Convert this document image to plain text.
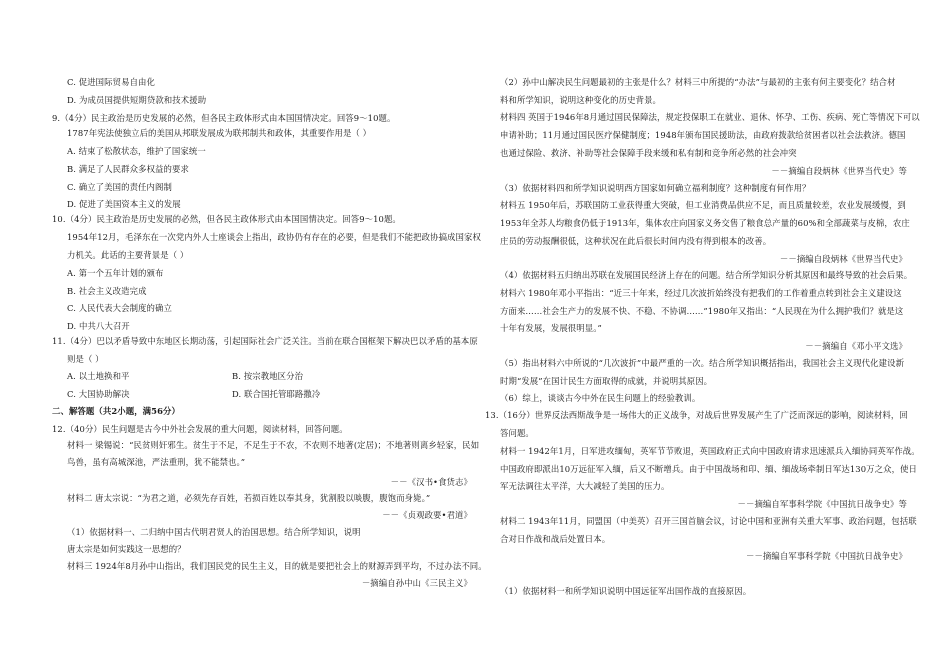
C. 促进国际贸易自由化
D. 为成员国提供短期贷款和技术援助
9.（4分）民主政治是历史发展的必然，但各民主政体形式由本国国情决定。回答9～10题。
1787年宪法使独立后的美国从邦联发展成为联邦制共和政体，其重要作用是（ ）
A. 结束了松散状态，维护了国家统一
B. 满足了人民群众多权益的要求
C. 确立了美国的责任内阁制
D. 促进了美国资本主义的发展
10.（4分）民主政治是历史发展的必然，但各民主政体形式由本国国情决定。回答9～10题。
1954年12月，毛泽东在一次党内外人士座谈会上指出，政协仍有存在的必要，但是我们不能把政协搞成国家权
力机关。此话的主要背景是（ ）
A. 第一个五年计划的颁布
B. 社会主义改造完成
C. 人民代表大会制度的确立
D. 中共八大召开
11.（4分）巴以矛盾导致中东地区长期动荡，引起国际社会广泛关注。当前在联合国框架下解决巴以矛盾的基本原
则是（ ）
A. 以土地换和平	B. 按宗教地区分治
C. 大国协助解决	D. 联合国托管耶路撒冷
二、解答题（共2小题，满56分）
12.（40分）民生问题是古今中外社会发展的重大问题，阅读材料，回答问题。
材料一 梁锡说：“民贫则奸邪生。贫生于不足，不足生于不农，不农则不地著(定居)；不地著则离乡轻家，民如
鸟兽，虽有高城深池，严法重刑，犹不能禁也。”
－－《汉书•食货志》
材料二 唐太宗说：“为君之道，必须先存百姓，若损百姓以奉其身，犹割股以啖腹，腹饱而身毙。”
－－《贞观政要•君道》
（1）依据材料一、二归纳中国古代明君贤人的治国思想。结合所学知识，说明
唐太宗是如何实践这一思想的？
材料三 1924年8月孙中山指出，我们国民党的民生主义，目的就是要把社会上的财源弄到平均，不过办法不同。
－摘编自孙中山《三民主义》
（2）孙中山解决民生问题最初的主张是什么？材料三中所提的“办法”与最初的主张有何主要变化？结合材
料和所学知识，说明这种变化的历史背景。
材料四 英国于1946年8月通过国民保障法，规定投保职工在就业、退休、怀孕、工伤、疾病、死亡等情况下可以
申请补助；11月通过国民医疗保健制度；1948年颁布国民援助法，由政府拨款给贫困者以社会法救济。德国
也通过保险、救济、补助等社会保障手段来缓和私有制和竞争所必然的社会冲突
－－摘编自段炳林《世界当代史》等
（3）依据材料四和所学知识说明西方国家如何确立福利制度？这种制度有何作用？
材料五 1950年后，苏联国防工业获得重大突破，但工业消费品供应不足，而且质量较差，农业发展缓慢，到
1953年全苏人均粮食仍低于1913年，集体农庄向国家义务交售了粮食总产量的60%和全部蔬菜与皮棉，农庄
庄员的劳动报酬很低，这种状况在此后很长时间内没有得到根本的改善。
－－摘编自段炳林《世界当代史》
（4）依据材料五归纳出苏联在发展国民经济上存在的问题。结合所学知识分析其原因和最终导致的社会后果。
材料六 1980年邓小平指出：“近三十年来，经过几次波折始终没有把我们的工作着重点转到社会主义建设这
方面来……社会生产力的发展不快、不稳、不协调……”1980年又指出：“人民现在为什么拥护我们？就是这
十年有发展，发展很明显。”
－－摘编自《邓小平文选》
（5）指出材料六中所说的“几次波折”中最严重的一次。结合所学知识概括指出，我国社会主义现代化建设新
时期“发展”在国计民生方面取得的成就，并说明其原因。
（6）综上，谈谈古今中外在民生问题上的经验教训。
13.（16分）世界反法西斯战争是一场伟大的正义战争，对战后世界发展产生了广泛而深远的影响，阅读材料，回
答问题。
材料一 1942年1月，日军进攻缅甸，英军节节败退，英国政府正式向中国政府请求迅速派兵入缅协同英军作战。
中国政府即派出10万远征军入缅，后又不断增兵。由于中国战场和印、缅、缅战场牵制日军达130万之众，使日
军无法调往太平洋，大大减轻了美国的压力。
－－摘编自军事科学院《中国抗日战争史》等
材料二 1943年11月，同盟国（中美英）召开三国首脑会议，讨论中国和亚洲有关重大军事、政治问题，包括联
合对日作战和战后处置日本。
－－摘编自军事科学院《中国抗日战争史》
（1）依据材料一和所学知识说明中国远征军出国作战的直接原因。
